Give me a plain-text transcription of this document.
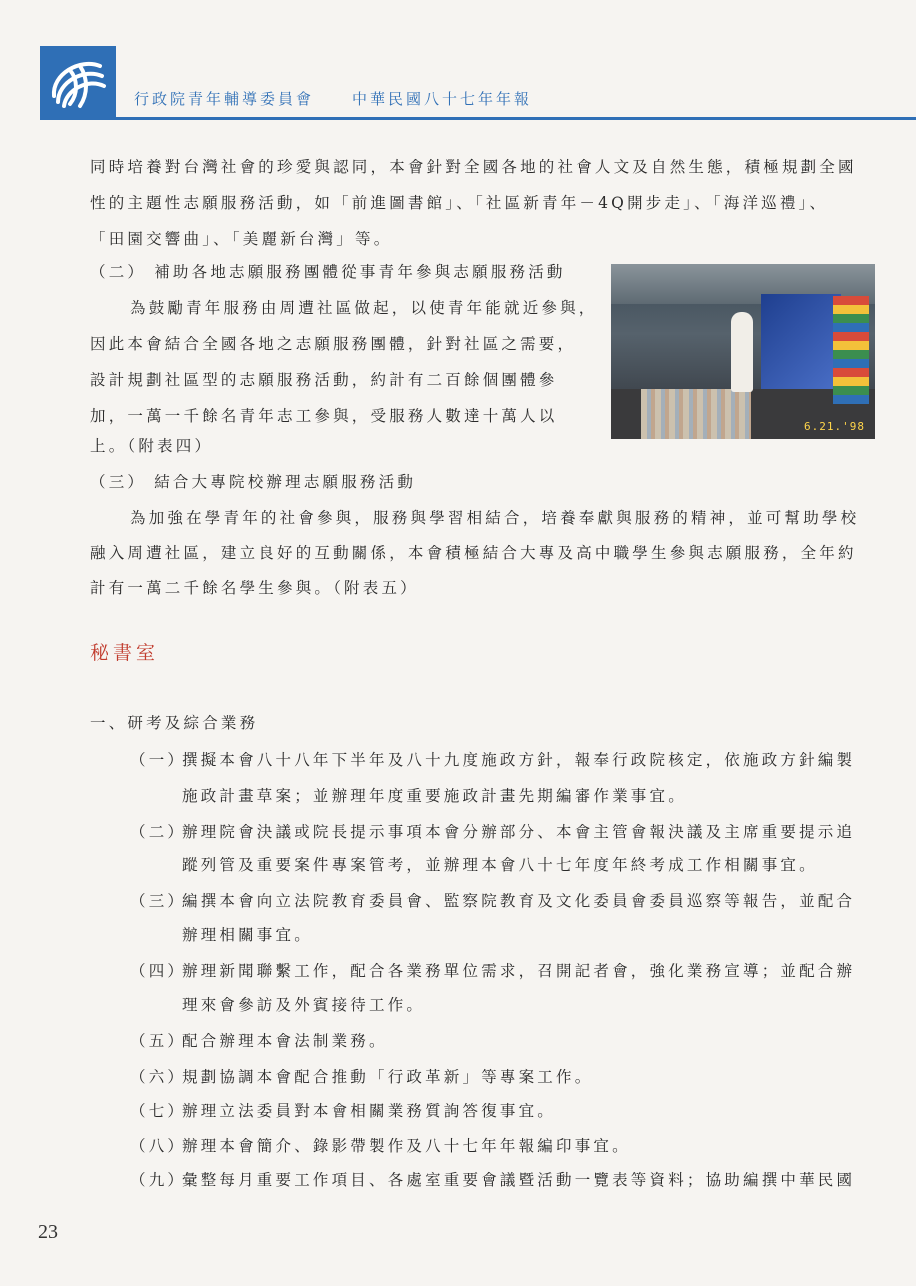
行政院青年輔導委員會	中華民國八十七年年報
同時培養對台灣社會的珍愛與認同，本會針對全國各地的社會人文及自然生態，積極規劃全國
性的主題性志願服務活動，如「前進圖書館」、「社區新青年－4Q開步走」、「海洋巡禮」、
「田園交響曲」、「美麗新台灣」等。
（二） 補助各地志願服務團體從事青年參與志願服務活動
為鼓勵青年服務由周遭社區做起，以使青年能就近參與，
因此本會結合全國各地之志願服務團體，針對社區之需要，
設計規劃社區型的志願服務活動，約計有二百餘個團體參
加，一萬一千餘名青年志工參與，受服務人數達十萬人以
上。（附表四）
6.21.'98
（三） 結合大專院校辦理志願服務活動
為加強在學青年的社會參與，服務與學習相結合，培養奉獻與服務的精神，並可幫助學校
融入周遭社區，建立良好的互動關係，本會積極結合大專及高中職學生參與志願服務，全年約
計有一萬二千餘名學生參與。（附表五）
秘書室
一、研考及綜合業務
（一）
撰擬本會八十八年下半年及八十九度施政方針，報奉行政院核定，依施政方針編製
施政計畫草案；並辦理年度重要施政計畫先期編審作業事宜。
（二）
辦理院會決議或院長提示事項本會分辦部分、本會主管會報決議及主席重要提示追
蹤列管及重要案件專案管考，並辦理本會八十七年度年終考成工作相關事宜。
（三）
編撰本會向立法院教育委員會、監察院教育及文化委員會委員巡察等報告，並配合
辦理相關事宜。
（四）
辦理新聞聯繫工作，配合各業務單位需求，召開記者會，強化業務宣導；並配合辦
理來會參訪及外賓接待工作。
（五）
配合辦理本會法制業務。
（六）
規劃協調本會配合推動「行政革新」等專案工作。
（七）
辦理立法委員對本會相關業務質詢答復事宜。
（八）
辦理本會簡介、錄影帶製作及八十七年年報編印事宜。
（九）
彙整每月重要工作項目、各處室重要會議暨活動一覽表等資料；協助編撰中華民國
23
